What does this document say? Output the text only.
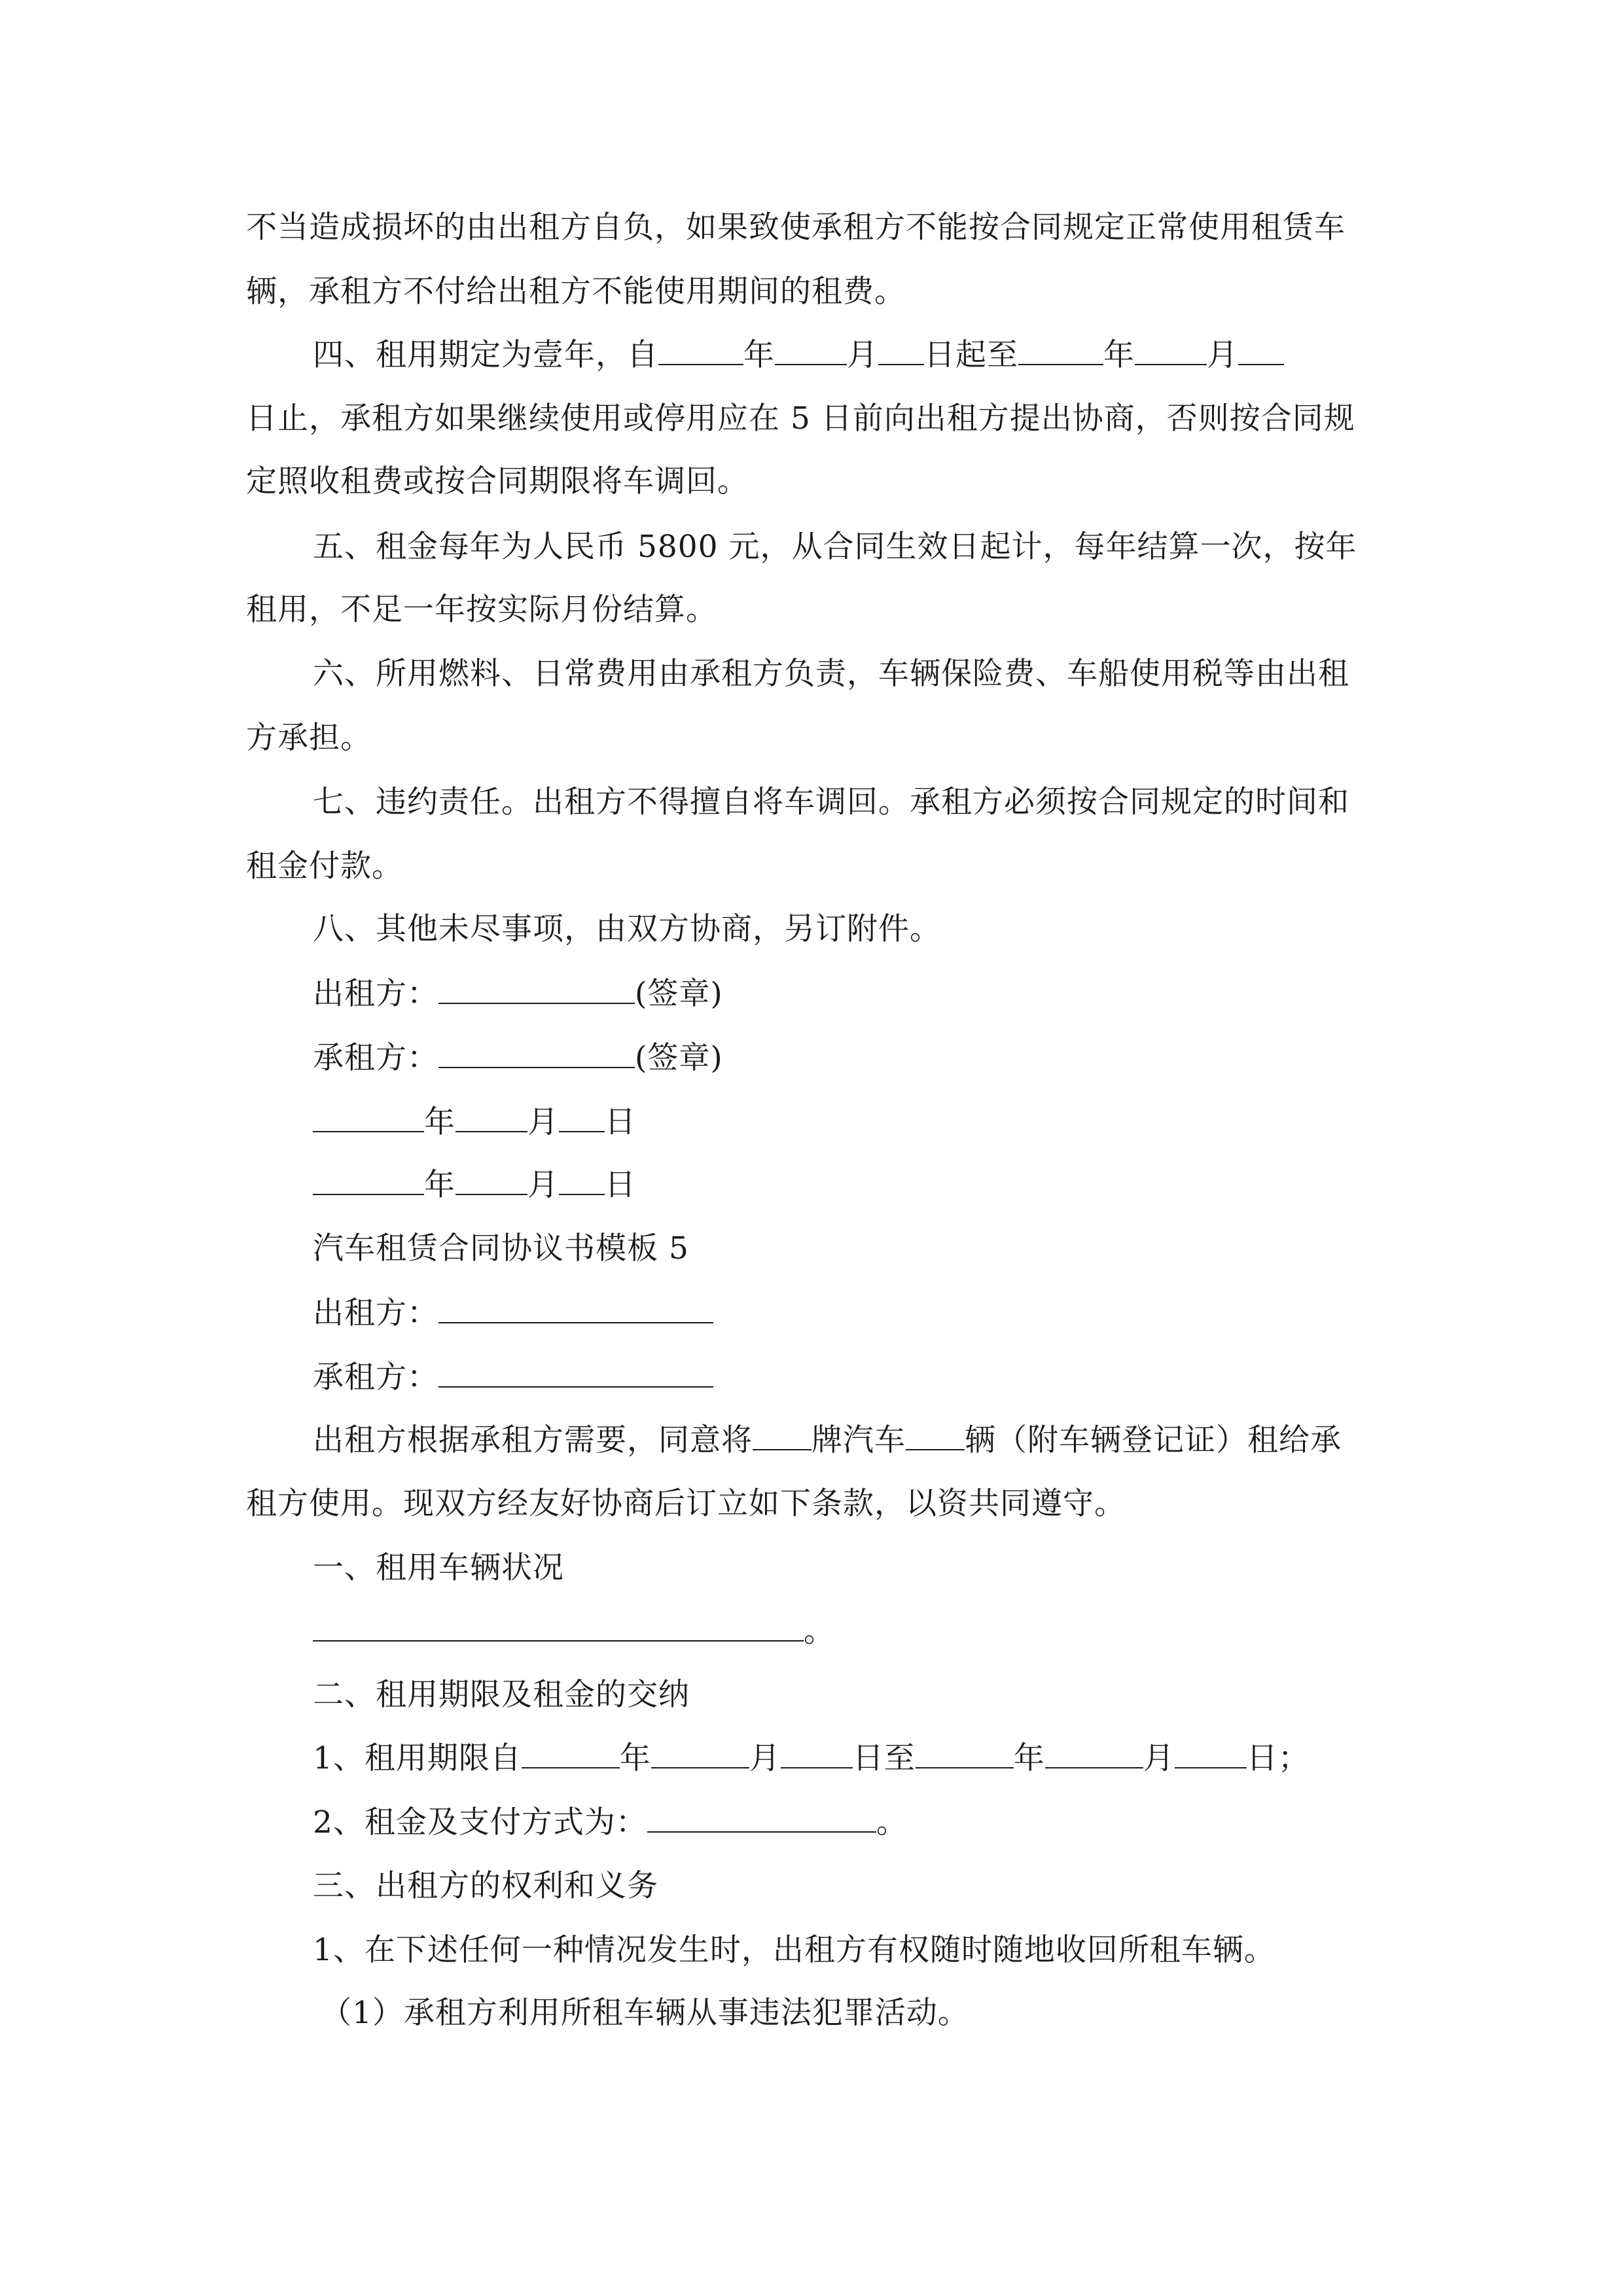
不当造成损坏的由出租方自负，如果致使承租方不能按合同规定正常使用租赁车
辆，承租方不付给出租方不能使用期间的租费。
四、租用期定为壹年，自	年 月 日起至	年 月
日止，承租方如果继续使用或停用应在 5 日前向出租方提出协商，否则按合同规
定照收租费或按合同期限将车调回。
五、租金每年为人民币 5800 元，从合同生效日起计，每年结算一次，按年
租用，不足一年按实际月份结算。
六、所用燃料、日常费用由承租方负责，车辆保险费、车船使用税等由出租
方承担。
七、违约责任。出租方不得擅自将车调回。承租方必须按合同规定的时间和
租金付款。
八、其他未尽事项，由双方协商，另订附件。
出租方：	(签章)
承租方：	(签章)
年 月 日
年 月 日
汽车租赁合同协议书模板 5
出租方：
承租方：
出租方根据承租方需要，同意将 牌汽车 辆（附车辆登记证）租给承
租方使用。现双方经友好协商后订立如下条款，以资共同遵守。
一、租用车辆状况
。
二、租用期限及租金的交纳
1、租用期限自	年	月 日至	年	月 日；
2、租金及支付方式为：	。
三、出租方的权利和义务
1、在下述任何一种情况发生时，出租方有权随时随地收回所租车辆。
（1）承租方利用所租车辆从事违法犯罪活动。
